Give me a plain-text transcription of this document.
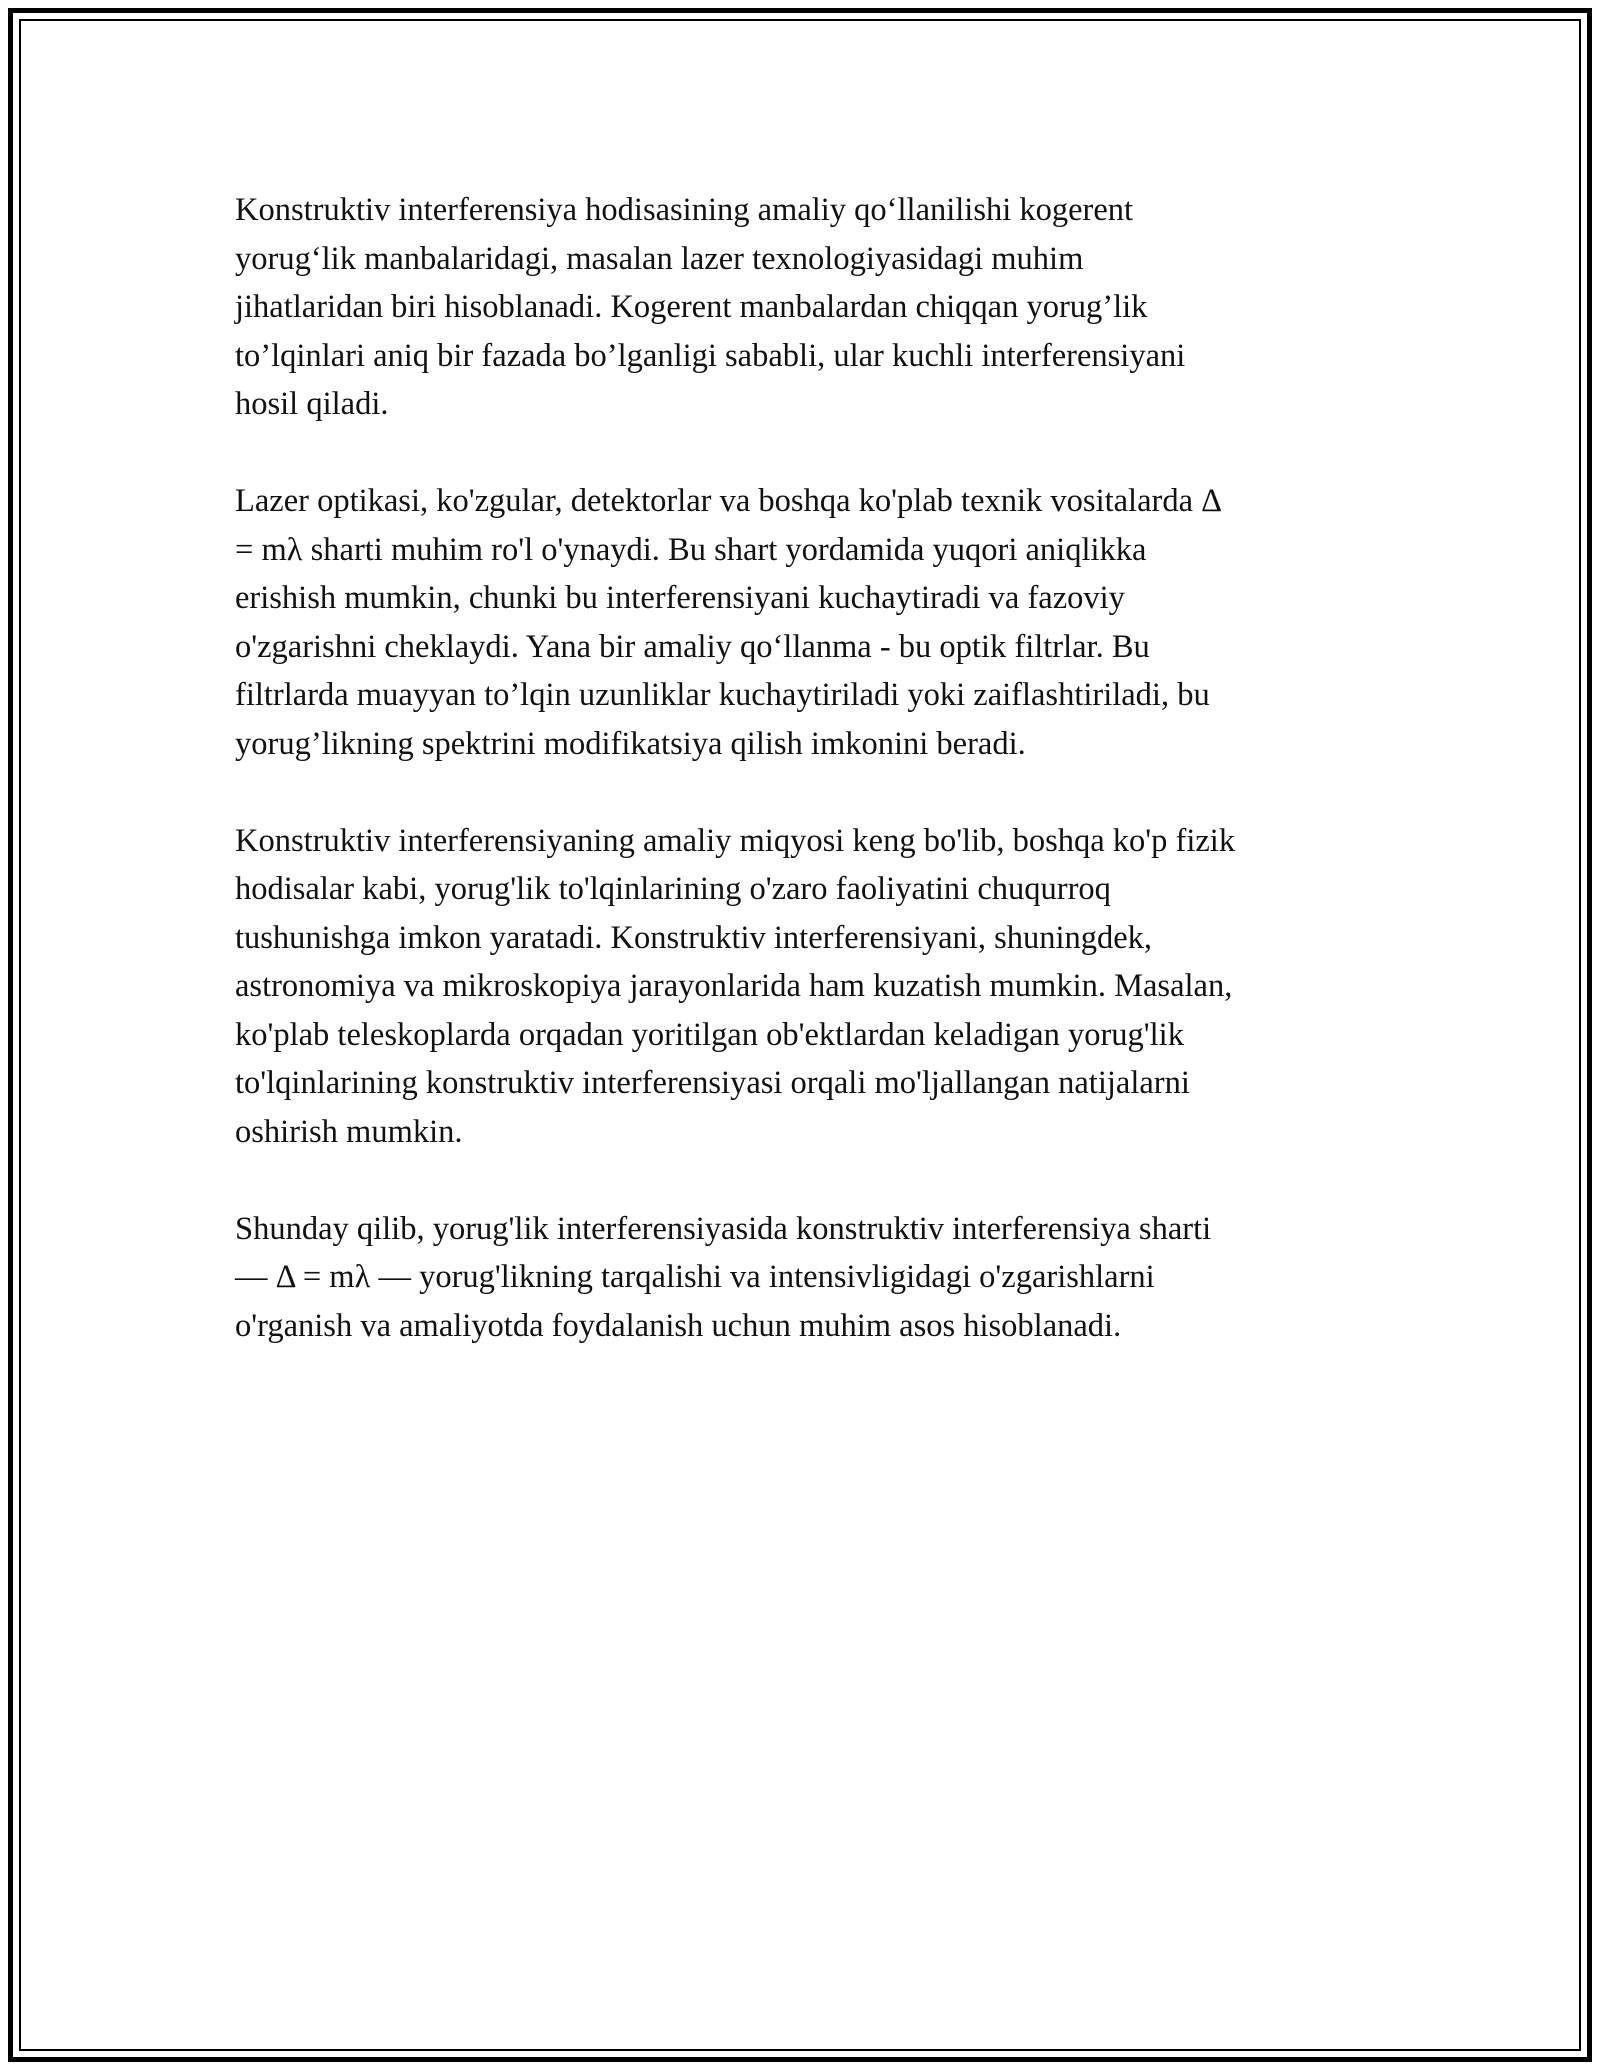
Konstruktiv interferensiya hodisasining amaliy qo‘llanilishi kogerent
yorug‘lik manbalaridagi, masalan lazer texnologiyasidagi muhim
jihatlaridan biri hisoblanadi. Kogerent manbalardan chiqqan yorug’lik
to’lqinlari aniq bir fazada bo’lganligi sababli, ular kuchli interferensiyani
hosil qiladi.

Lazer optikasi, ko'zgular, detektorlar va boshqa ko'plab texnik vositalarda Δ
= mλ sharti muhim ro'l o'ynaydi. Bu shart yordamida yuqori aniqlikka
erishish mumkin, chunki bu interferensiyani kuchaytiradi va fazoviy
o'zgarishni cheklaydi. Yana bir amaliy qo‘llanma - bu optik filtrlar. Bu
filtrlarda muayyan to’lqin uzunliklar kuchaytiriladi yoki zaiflashtiriladi, bu
yorug’likning spektrini modifikatsiya qilish imkonini beradi.

Konstruktiv interferensiyaning amaliy miqyosi keng bo'lib, boshqa ko'p fizik
hodisalar kabi, yorug'lik to'lqinlarining o'zaro faoliyatini chuqurroq
tushunishga imkon yaratadi. Konstruktiv interferensiyani, shuningdek,
astronomiya va mikroskopiya jarayonlarida ham kuzatish mumkin. Masalan,
ko'plab teleskoplarda orqadan yoritilgan ob'ektlardan keladigan yorug'lik
to'lqinlarining konstruktiv interferensiyasi orqali mo'ljallangan natijalarni
oshirish mumkin.

Shunday qilib, yorug'lik interferensiyasida konstruktiv interferensiya sharti
— Δ = mλ — yorug'likning tarqalishi va intensivligidagi o'zgarishlarni
o'rganish va amaliyotda foydalanish uchun muhim asos hisoblanadi.
